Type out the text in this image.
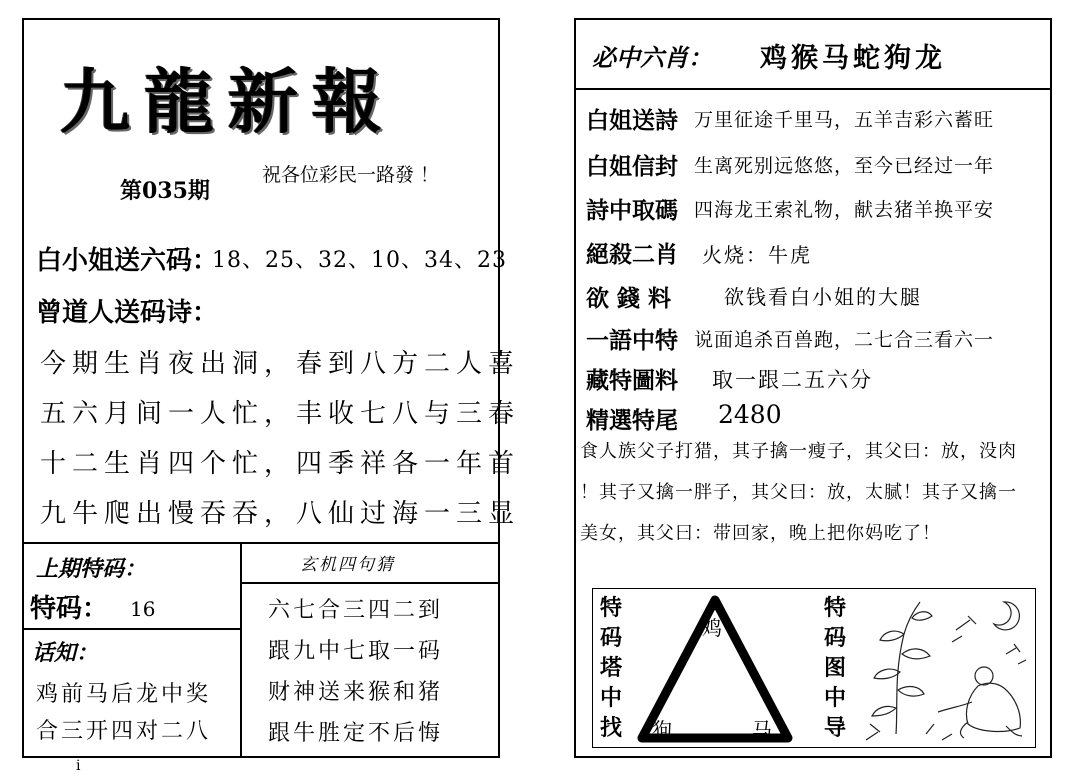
九龍新報
第035期
祝各位彩民一路發 ！
白小姐送六码：
18、25、32、10、34、23
曾道人送码诗：
今期生肖夜出洞，春到八方二人喜
五六月间一人忙，丰收七八与三春
十二生肖四个忙，四季祥各一年首
九牛爬出慢吞吞，八仙过海一三显
上期特码：
特码： 16
话知：
鸡前马后龙中奖
合三开四对二八
玄机四句猜
六七合三四二到
跟九中七取一码
财神送来猴和猪
跟牛胜定不后悔
i
必中六肖： 鸡猴马蛇狗龙
白姐送詩 万里征途千里马，五羊吉彩六蓄旺
白姐信封 生离死别远悠悠，至今已经过一年
詩中取碼 四海龙王索礼物，献去猪羊换平安
絕殺二肖 火烧：牛虎
欲錢料 欲钱看白小姐的大腿
一語中特 说面追杀百兽跑，二七合三看六一
藏特圖料 取一跟二五六分
精選特尾 2480
食人族父子打猎，其子擒一瘦子，其父曰：放，没肉
！其子又擒一胖子，其父曰：放，太腻！其子又擒一
美女，其父曰：带回家，晚上把你妈吃了！
特码塔中找
鸡
狗	马
特码图中导
